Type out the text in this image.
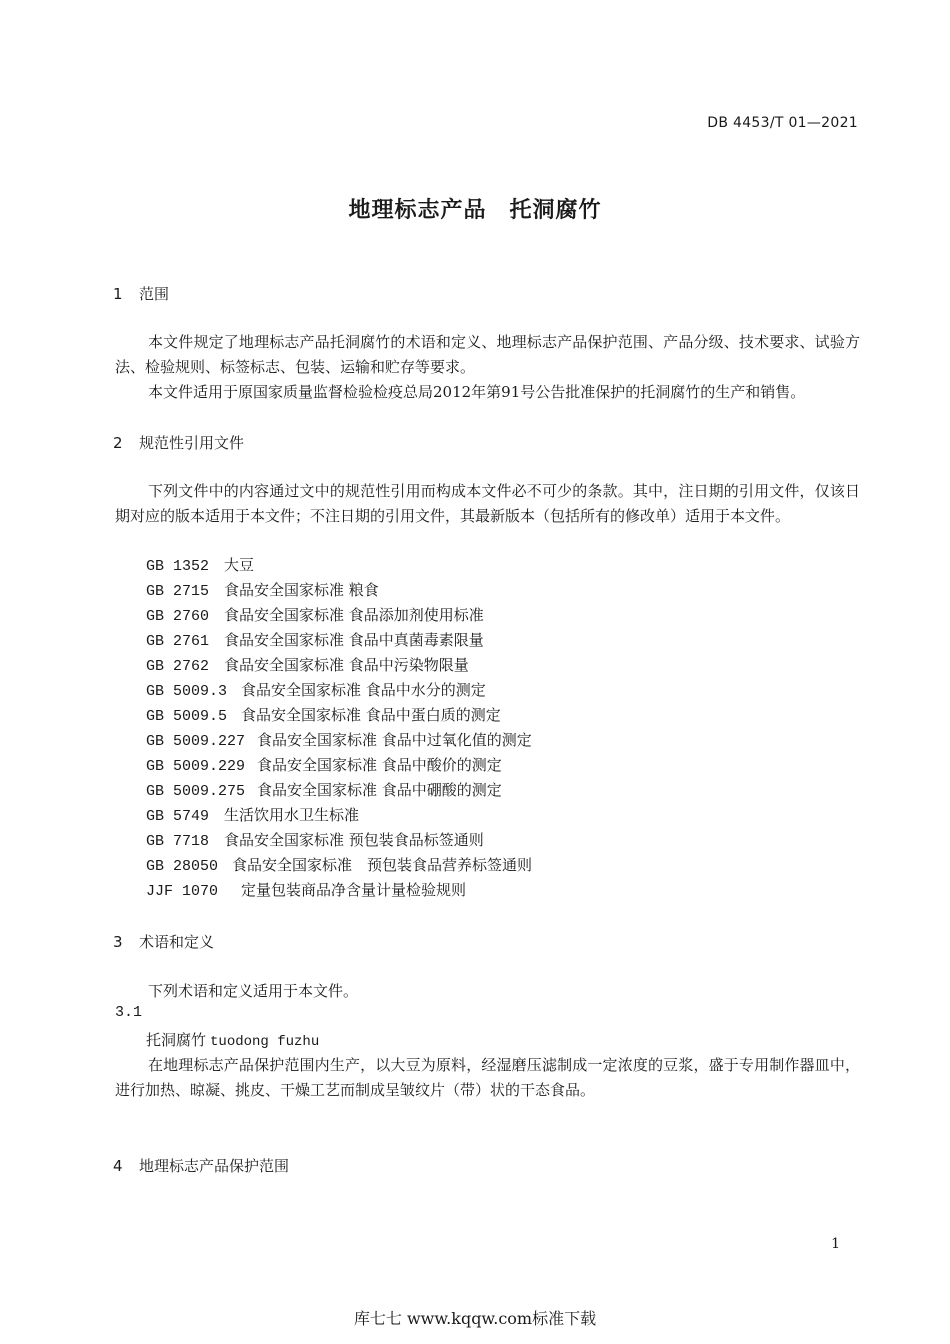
DB 4453/T 01—2021
地理标志产品　托洞腐竹
1 范围
本文件规定了地理标志产品托洞腐竹的术语和定义、地理标志产品保护范围、产品分级、技术要求、试验方法、检验规则、标签标志、包装、运输和贮存等要求。
本文件适用于原国家质量监督检验检疫总局2012年第91号公告批准保护的托洞腐竹的生产和销售。
2 规范性引用文件
下列文件中的内容通过文中的规范性引用而构成本文件必不可少的条款。其中，注日期的引用文件，仅该日期对应的版本适用于本文件；不注日期的引用文件，其最新版本（包括所有的修改单）适用于本文件。
GB 1352 大豆
GB 2715 食品安全国家标准 粮食
GB 2760 食品安全国家标准 食品添加剂使用标准
GB 2761 食品安全国家标准 食品中真菌毒素限量
GB 2762 食品安全国家标准 食品中污染物限量
GB 5009.3 食品安全国家标准 食品中水分的测定
GB 5009.5 食品安全国家标准 食品中蛋白质的测定
GB 5009.227 食品安全国家标准 食品中过氧化值的测定
GB 5009.229 食品安全国家标准 食品中酸价的测定
GB 5009.275 食品安全国家标准 食品中硼酸的测定
GB 5749 生活饮用水卫生标准
GB 7718 食品安全国家标准 预包装食品标签通则
GB 28050 食品安全国家标准　预包装食品营养标签通则
JJF 1070 定量包装商品净含量计量检验规则
3 术语和定义
下列术语和定义适用于本文件。
3.1
托洞腐竹 tuodong fuzhu
在地理标志产品保护范围内生产，以大豆为原料，经湿磨压滤制成一定浓度的豆浆，盛于专用制作器皿中，进行加热、晾凝、挑皮、干燥工艺而制成呈皱纹片（带）状的干态食品。
4 地理标志产品保护范围
1
库七七 www.kqqw.com标准下载
